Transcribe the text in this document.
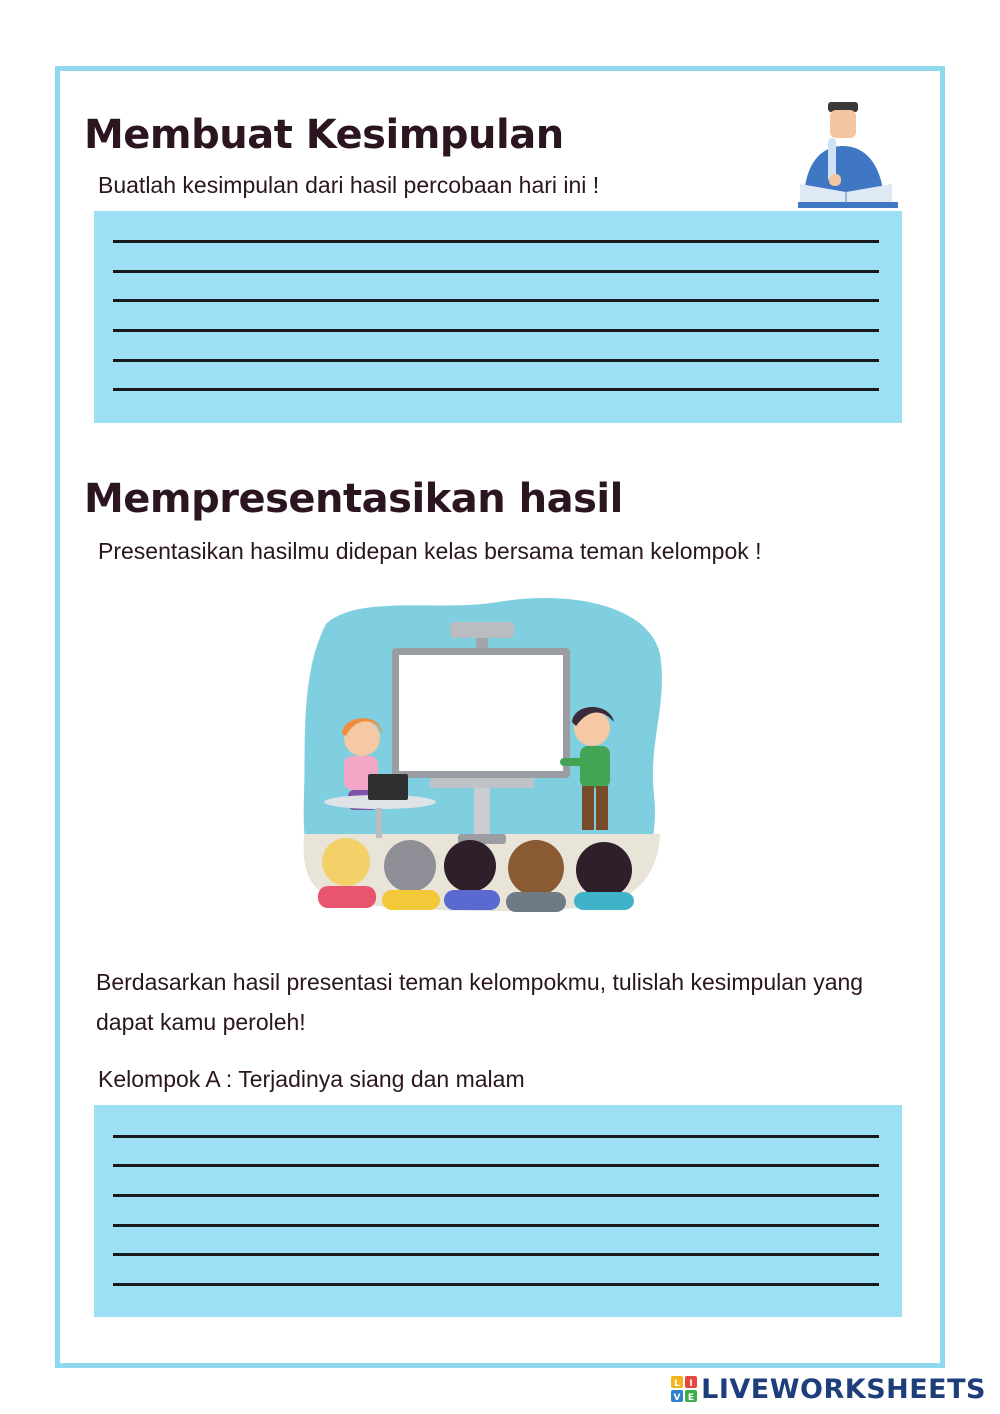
Membuat Kesimpulan

Buatlah kesimpulan dari hasil percobaan hari ini !

Mempresentasikan hasil

Presentasikan hasilmu didepan kelas bersama teman kelompok !

Berdasarkan hasil presentasi teman kelompokmu, tulislah kesimpulan yang dapat kamu peroleh!

Kelompok A : Terjadinya siang dan malam

L I
V E LIVEWORKSHEETS
